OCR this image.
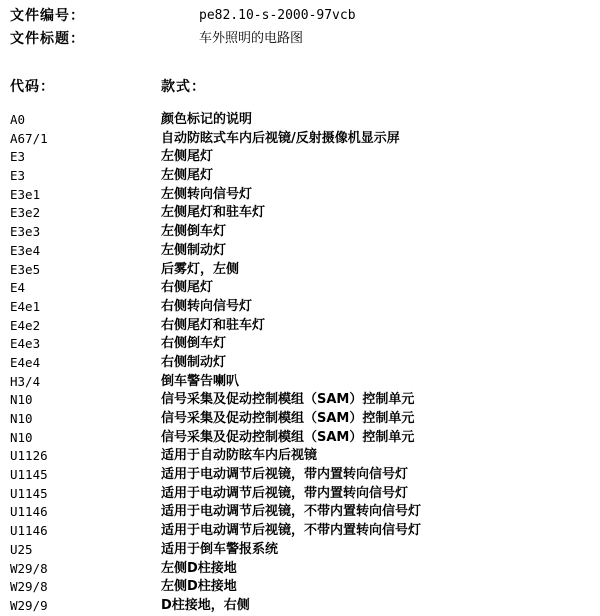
文件编号：	pe82.10-s-2000-97vcb
文件标题：	车外照明的电路图
代码：	款式：
A0	颜色标记的说明
A67/1	自动防眩式车内后视镜/反射摄像机显示屏
E3	左侧尾灯
E3	左侧尾灯
E3e1	左侧转向信号灯
E3e2	左侧尾灯和驻车灯
E3e3	左侧倒车灯
E3e4	左侧制动灯
E3e5	后雾灯，左侧
E4	右侧尾灯
E4e1	右侧转向信号灯
E4e2	右侧尾灯和驻车灯
E4e3	右侧倒车灯
E4e4	右侧制动灯
H3/4	倒车警告喇叭
N10	信号采集及促动控制模组（SAM）控制单元
N10	信号采集及促动控制模组（SAM）控制单元
N10	信号采集及促动控制模组（SAM）控制单元
U1126	适用于自动防眩车内后视镜
U1145	适用于电动调节后视镜，带内置转向信号灯
U1145	适用于电动调节后视镜，带内置转向信号灯
U1146	适用于电动调节后视镜，不带内置转向信号灯
U1146	适用于电动调节后视镜，不带内置转向信号灯
U25	适用于倒车警报系统
W29/8	左侧D柱接地
W29/8	左侧D柱接地
W29/9	D柱接地，右侧
